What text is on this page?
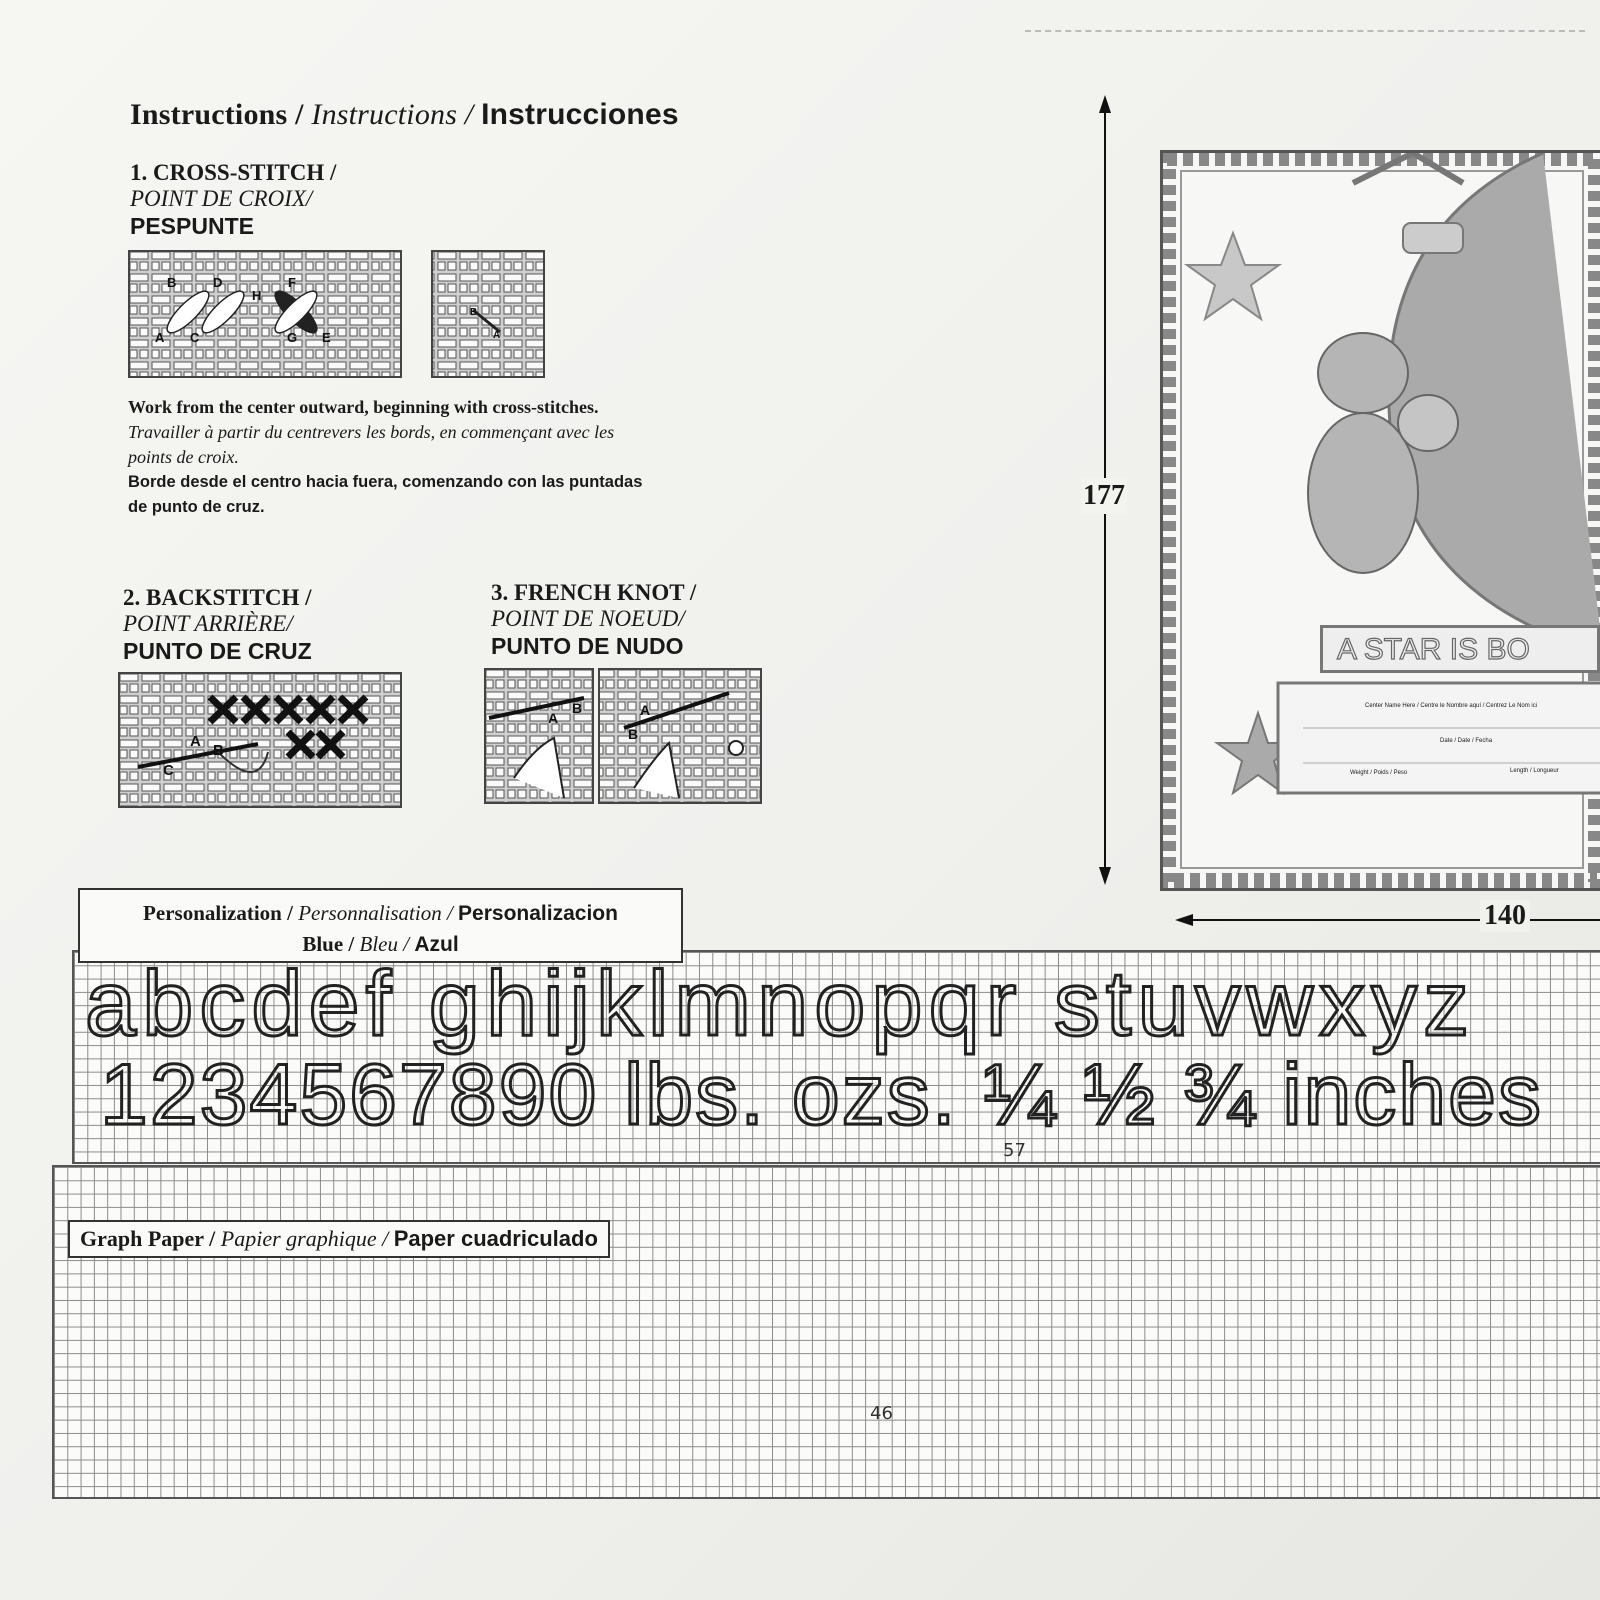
Instructions / Instructions / Instrucciones
1. CROSS-STITCH /
POINT DE CROIX/
PESPUNTE
B	D
H
F
A C	G E
B
A
Work from the center outward, beginning with cross-stitches.
Travailler à partir du centrevers les bords, en commençant avec les points de croix.
Borde desde el centro hacia fuera, comenzando con las puntadas de punto de cruz.
2. BACKSTITCH /
POINT ARRIÈRE/
PUNTO DE CRUZ
A
B
C
3. FRENCH KNOT /
POINT DE NOEUD/
PUNTO DE NUDO
A
B	A
B
177
140
A STAR IS BO
Center Name Here / Centre le Nombre aquí / Centrez Le Nom ici
Date / Date / Fecha
Weight / Poids / Peso	Length / Longueur
Personalization / Personnalisation / Personalizacion
Blue / Bleu / Azul
abcdef ghijklmnopqr stuvwxyz
1234567890 lbs. ozs. ¼ ½ ¾ inches
57
Graph Paper / Papier graphique / Paper cuadriculado
46
